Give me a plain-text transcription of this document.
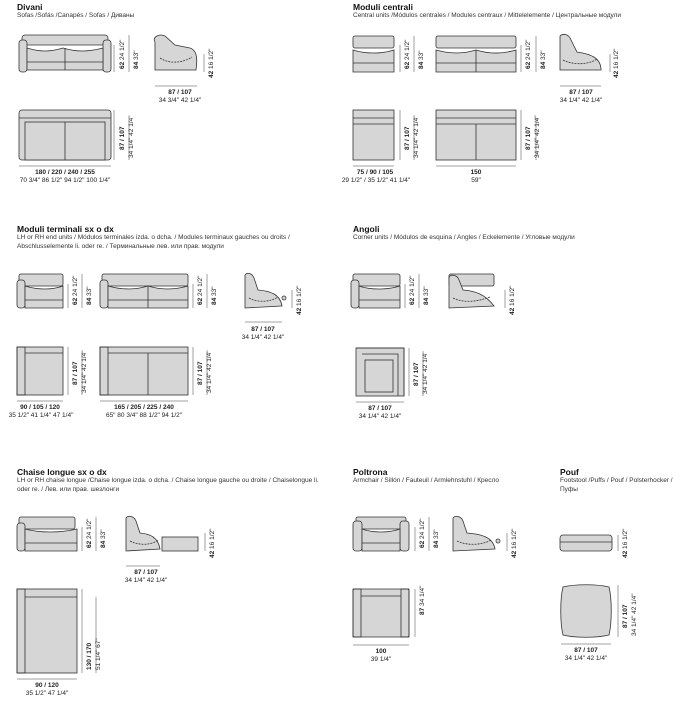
Divani
Sofas /Sofás /Canapés / Sofas / Диваны
62 24 1/2"
84 33"
42 16 1/2"
87 / 107
34 3/4" 42 1/4"
87 / 107 34 1/4" 42 1/4"
180 / 220 / 240 / 255
70 3/4" 86 1/2" 94 1/2" 100 1/4"
Moduli centrali
Central units /Módulos centrales / Modules centraux / Mittelelemente / Центральные модули
62 24 1/2"
84 33"
62 24 1/2"
84 33"
42 16 1/2"
87 / 107
34 1/4" 42 1/4"
87 / 107 34 1/4" 42 1/4"	87 / 107 34 1/4" 42 1/4"
75 / 90 / 105
29 1/2" / 35 1/2" 41 1/4"
150
59"
Moduli terminali sx o dx
LH or RH end units / Módulos terminales izda. o dcha. / Modules terminaux gauches ou droits / Abschlusselemente li. oder re. / Терминальные лев. или прав. модули
62 24 1/2"
84 33"
62 24 1/2"
84 33"
42 16 1/2"
87 / 107
34 1/4" 42 1/4"
87 / 107 34 1/4" 42 1/4"	87 / 107 34 1/4" 42 1/4"
90 / 105 / 120
35 1/2" 41 1/4" 47 1/4"
165 / 205 / 225 / 240
65" 80 3/4" 88 1/2" 94 1/2"
Angoli
Corner units / Módulos de esquina / Angles / Eckelemente / Угловые модули
62 24 1/2"
84 33"
42 16 1/2"
87 / 107 34 1/4" 42 1/4"
87 / 107
34 1/4" 42 1/4"
Chaise longue sx o dx
LH or RH chaise longue /Chaise longue izda. o dcha. / Chaise longue gauche ou droite / Chaiselongue li. oder re. / Лев. или прав. шезлонги
62 24 1/2"
84 33"
42 16 1/2"
87 / 107
34 1/4" 42 1/4"
130 / 170 51 1/4" 67"
90 / 120
35 1/2" 47 1/4"
Poltrona
Armchair / Sillón / Fauteuil / Armlehnstuhl / Кресло
62 24 1/2"
84 33"
42 16 1/2"
87 34 1/4"
100
39 1/4"
Pouf
Footstool /Puffs / Pouf / Polsterhocker / Пуфы
42 16 1/2"
87 / 107 34 1/4" 42 1/4"
87 / 107
34 1/4" 42 1/4"
